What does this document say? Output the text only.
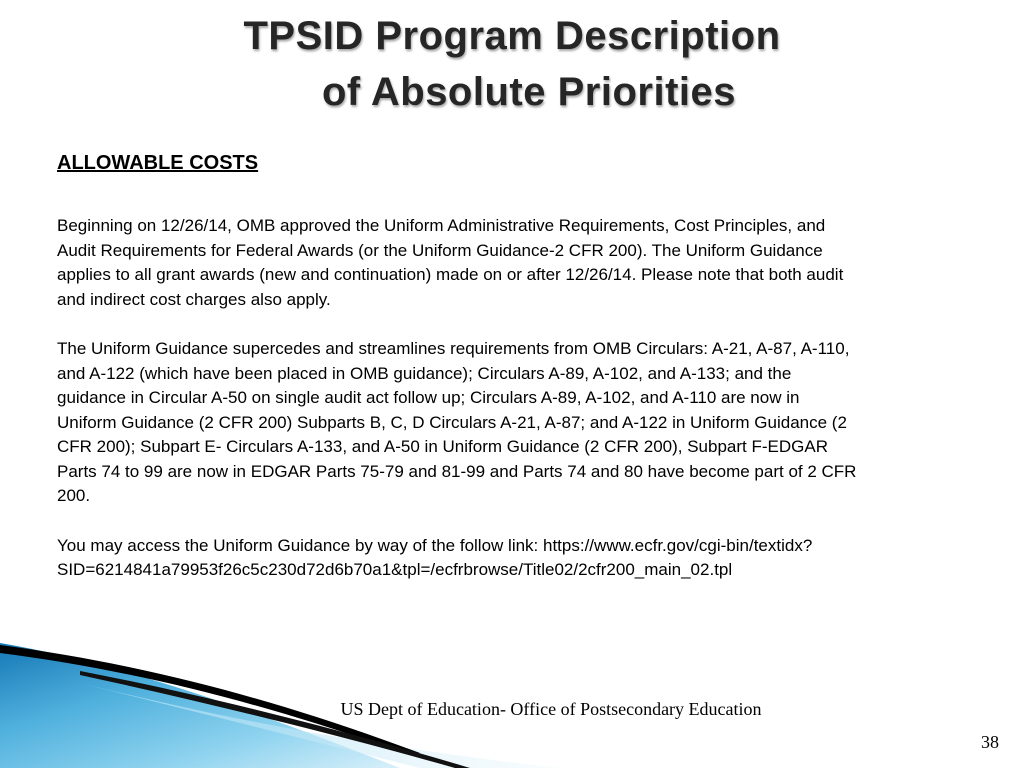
TPSID Program Description
of Absolute Priorities
ALLOWABLE COSTS

Beginning on 12/26/14, OMB approved the Uniform Administrative Requirements, Cost Principles, and Audit Requirements for Federal Awards (or the Uniform Guidance-2 CFR 200). The Uniform Guidance applies to all grant awards (new and continuation) made on or after 12/26/14. Please note that both audit and indirect cost charges also apply.

The Uniform Guidance supercedes and streamlines requirements from OMB Circulars: A-21, A-87, A-110, and A-122 (which have been placed in OMB guidance); Circulars A-89, A-102, and A-133; and the guidance in Circular A-50 on single audit act follow up; Circulars A-89, A-102, and A-110 are now in Uniform Guidance (2 CFR 200) Subparts B, C, D Circulars A-21, A-87; and A-122 in Uniform Guidance (2 CFR 200); Subpart E- Circulars A-133, and A-50 in Uniform Guidance (2 CFR 200), Subpart F-EDGAR Parts 74 to 99 are now in EDGAR Parts 75-79 and 81-99 and Parts 74 and 80 have become part of 2 CFR 200.

You may access the Uniform Guidance by way of the follow link: https://www.ecfr.gov/cgi-bin/textidx?SID=6214841a79953f26c5c230d72d6b70a1&tpl=/ecfrbrowse/Title02/2cfr200_main_02.tpl

US Dept of Education- Office of Postsecondary Education
38
